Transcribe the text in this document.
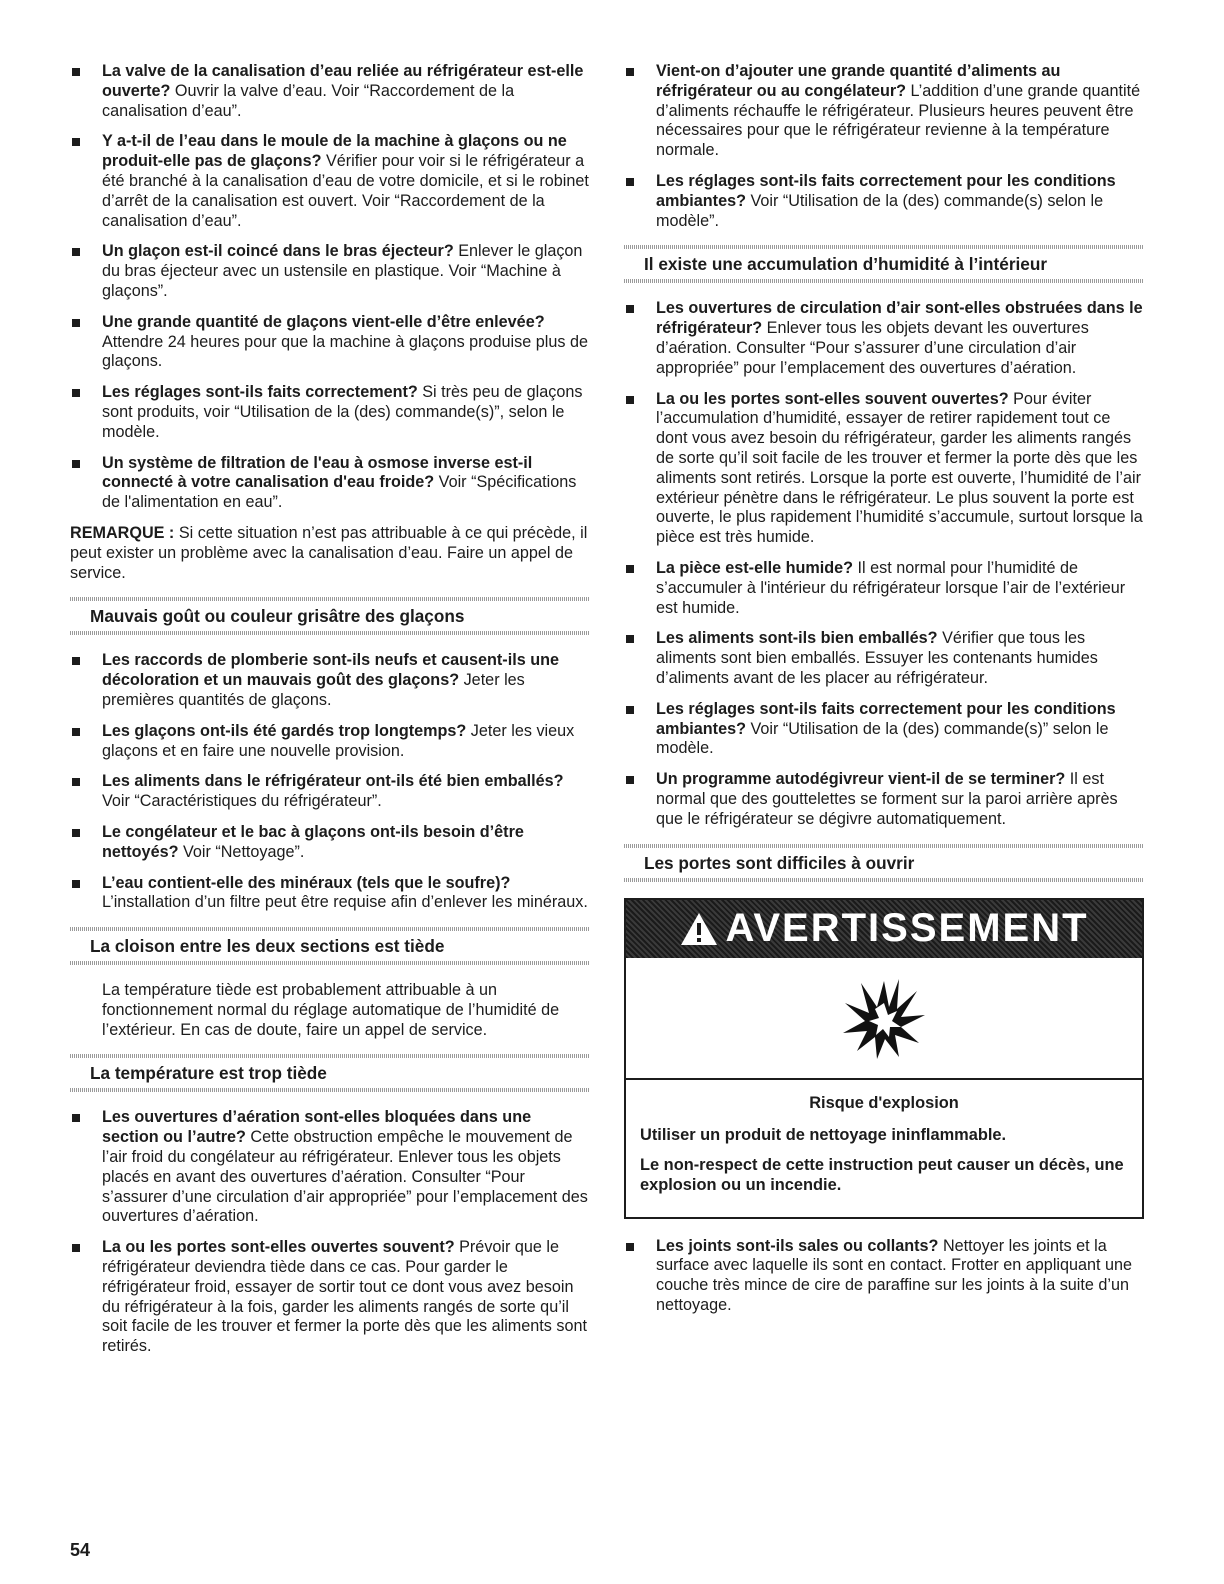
La valve de la canalisation d’eau reliée au réfrigérateur est-elle ouverte? Ouvrir la valve d’eau. Voir “Raccordement de la canalisation d’eau”.
Y a-t-il de l’eau dans le moule de la machine à glaçons ou ne produit-elle pas de glaçons? Vérifier pour voir si le réfrigérateur a été branché à la canalisation d’eau de votre domicile, et si le robinet d’arrêt de la canalisation est ouvert. Voir “Raccordement de la canalisation d’eau”.
Un glaçon est-il coincé dans le bras éjecteur? Enlever le glaçon du bras éjecteur avec un ustensile en plastique. Voir “Machine à glaçons”.
Une grande quantité de glaçons vient-elle d’être enlevée? Attendre 24 heures pour que la machine à glaçons produise plus de glaçons.
Les réglages sont-ils faits correctement? Si très peu de glaçons sont produits, voir “Utilisation de la (des) commande(s)”, selon le modèle.
Un système de filtration de l'eau à osmose inverse est-il connecté à votre canalisation d'eau froide? Voir “Spécifications de l'alimentation en eau”.

REMARQUE : Si cette situation n’est pas attribuable à ce qui précède, il peut exister un problème avec la canalisation d’eau. Faire un appel de service.

Mauvais goût ou couleur grisâtre des glaçons
Les raccords de plomberie sont-ils neufs et causent-ils une décoloration et un mauvais goût des glaçons? Jeter les premières quantités de glaçons.
Les glaçons ont-ils été gardés trop longtemps? Jeter les vieux glaçons et en faire une nouvelle provision.
Les aliments dans le réfrigérateur ont-ils été bien emballés? Voir “Caractéristiques du réfrigérateur”.
Le congélateur et le bac à glaçons ont-ils besoin d’être nettoyés? Voir “Nettoyage”.
L’eau contient-elle des minéraux (tels que le soufre)? L’installation d’un filtre peut être requise afin d’enlever les minéraux.
La cloison entre les deux sections est tiède

La température tiède est probablement attribuable à un fonctionnement normal du réglage automatique de l’humidité de l’extérieur. En cas de doute, faire un appel de service.

La température est trop tiède
Les ouvertures d’aération sont-elles bloquées dans une section ou l’autre? Cette obstruction empêche le mouvement de l’air froid du congélateur au réfrigérateur. Enlever tous les objets placés en avant des ouvertures d’aération. Consulter “Pour s’assurer d’une circulation d’air appropriée” pour l’emplacement des ouvertures d’aération.
La ou les portes sont-elles ouvertes souvent? Prévoir que le réfrigérateur deviendra tiède dans ce cas. Pour garder le réfrigérateur froid, essayer de sortir tout ce dont vous avez besoin du réfrigérateur à la fois, garder les aliments rangés de sorte qu’il soit facile de les trouver et fermer la porte dès que les aliments sont retirés.
Vient-on d’ajouter une grande quantité d’aliments au réfrigérateur ou au congélateur? L’addition d’une grande quantité d’aliments réchauffe le réfrigérateur. Plusieurs heures peuvent être nécessaires pour que le réfrigérateur revienne à la température normale.
Les réglages sont-ils faits correctement pour les conditions ambiantes? Voir “Utilisation de la (des) commande(s) selon le modèle”.
Il existe une accumulation d’humidité à l’intérieur
Les ouvertures de circulation d’air sont-elles obstruées dans le réfrigérateur? Enlever tous les objets devant les ouvertures d’aération. Consulter “Pour s’assurer d’une circulation d’air appropriée” pour l’emplacement des ouvertures d’aération.
La ou les portes sont-elles souvent ouvertes? Pour éviter l’accumulation d’humidité, essayer de retirer rapidement tout ce dont vous avez besoin du réfrigérateur, garder les aliments rangés de sorte qu’il soit facile de les trouver et fermer la porte dès que les aliments sont retirés. Lorsque la porte est ouverte, l’humidité de l’air extérieur pénètre dans le réfrigérateur. Le plus souvent la porte est ouverte, le plus rapidement l’humidité s’accumule, surtout lorsque la pièce est très humide.
La pièce est-elle humide? Il est normal pour l’humidité de s’accumuler à l'intérieur du réfrigérateur lorsque l’air de l’extérieur est humide.
Les aliments sont-ils bien emballés? Vérifier que tous les aliments sont bien emballés. Essuyer les contenants humides d’aliments avant de les placer au réfrigérateur.
Les réglages sont-ils faits correctement pour les conditions ambiantes? Voir “Utilisation de la (des) commande(s)” selon le modèle.
Un programme autodégivreur vient-il de se terminer? Il est normal que des gouttelettes se forment sur la paroi arrière après que le réfrigérateur se dégivre automatiquement.
Les portes sont difficiles à ouvrir
AVERTISSEMENT
Risque d'explosion

Utiliser un produit de nettoyage ininflammable.

Le non-respect de cette instruction peut causer un décès, une explosion ou un incendie.

Les joints sont-ils sales ou collants? Nettoyer les joints et la surface avec laquelle ils sont en contact. Frotter en appliquant une couche très mince de cire de paraffine sur les joints à la suite d’un nettoyage.
54
